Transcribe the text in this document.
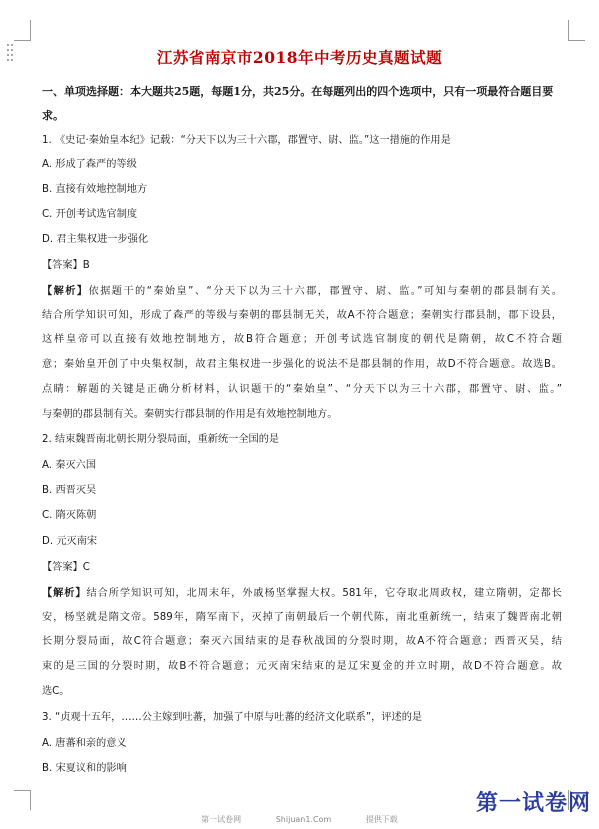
江苏省南京市2018年中考历史真题试题
一、单项选择题：本大题共25题，每题1分，共25分。在每题列出的四个选项中，只有一项最符合题目要求。
1. 《史记·秦始皇本纪》记载：“分天下以为三十六郡，郡置守、尉、监。”这一措施的作用是
A. 形成了森严的等级
B. 直接有效地控制地方
C. 开创考试选官制度
D. 君主集权进一步强化
【答案】B
【解析】依据题干的“秦始皇”、“分天下以为三十六郡，郡置守、尉、监。”可知与秦朝的郡县制有关。
结合所学知识可知，形成了森严的等级与秦朝的郡县制无关，故A不符合题意；秦朝实行郡县制，郡下设县，
这样皇帝可以直接有效地控制地方，故B符合题意；开创考试选官制度的朝代是隋朝，故C不符合题
意；秦始皇开创了中央集权制，故君主集权进一步强化的说法不是郡县制的作用，故D不符合题意。故选B。
点睛：解题的关键是正确分析材料，认识题干的“秦始皇”、“分天下以为三十六郡，郡置守、尉、监。”
与秦朝的郡县制有关。秦朝实行郡县制的作用是有效地控制地方。
2. 结束魏晋南北朝长期分裂局面，重新统一全国的是
A. 秦灭六国
B. 西晋灭吴
C. 隋灭陈朝
D. 元灭南宋
【答案】C
【解析】结合所学知识可知，北周末年，外戚杨坚掌握大权。581年，它夺取北周政权，建立隋朝，定都长
安，杨坚就是隋文帝。589年，隋军南下，灭掉了南朝最后一个朝代陈，南北重新统一，结束了魏晋南北朝
长期分裂局面，故C符合题意；秦灭六国结束的是春秋战国的分裂时期，故A不符合题意；西晋灭吴，结
束的是三国的分裂时期，故B不符合题意；元灭南宋结束的是辽宋夏金的并立时期，故D不符合题意。故
选C。
3. “贞观十五年，……公主嫁到吐蕃，加强了中原与吐蕃的经济文化联系”，评述的是
A. 唐蕃和亲的意义
B. 宋夏议和的影响
第一试卷网	Shijuan1.Com	提供下载
第一试卷网
